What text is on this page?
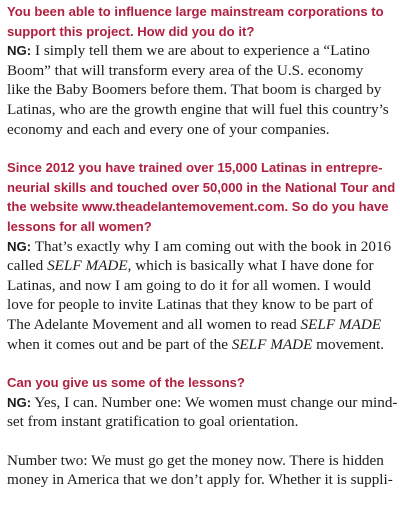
You been able to influence large mainstream corporations to
support this project. How did you do it?

NG: I simply tell them we are about to experience a “Latino
Boom” that will transform every area of the U.S. economy
like the Baby Boomers before them. That boom is charged by
Latinas, who are the growth engine that will fuel this country’s
economy and each and every one of your companies.

Since 2012 you have trained over 15,000 Latinas in entrepre-
neurial skills and touched over 50,000 in the National Tour and
the website www.theadelantemovement.com. So do you have
lessons for all women?

NG: That’s exactly why I am coming out with the book in 2016
called SELF MADE, which is basically what I have done for
Latinas, and now I am going to do it for all women. I would
love for people to invite Latinas that they know to be part of
The Adelante Movement and all women to read SELF MADE
when it comes out and be part of the SELF MADE movement.

Can you give us some of the lessons?

NG: Yes, I can. Number one: We women must change our mind-
set from instant gratification to goal orientation.

Number two: We must go get the money now. There is hidden
money in America that we don’t apply for. Whether it is suppli-
